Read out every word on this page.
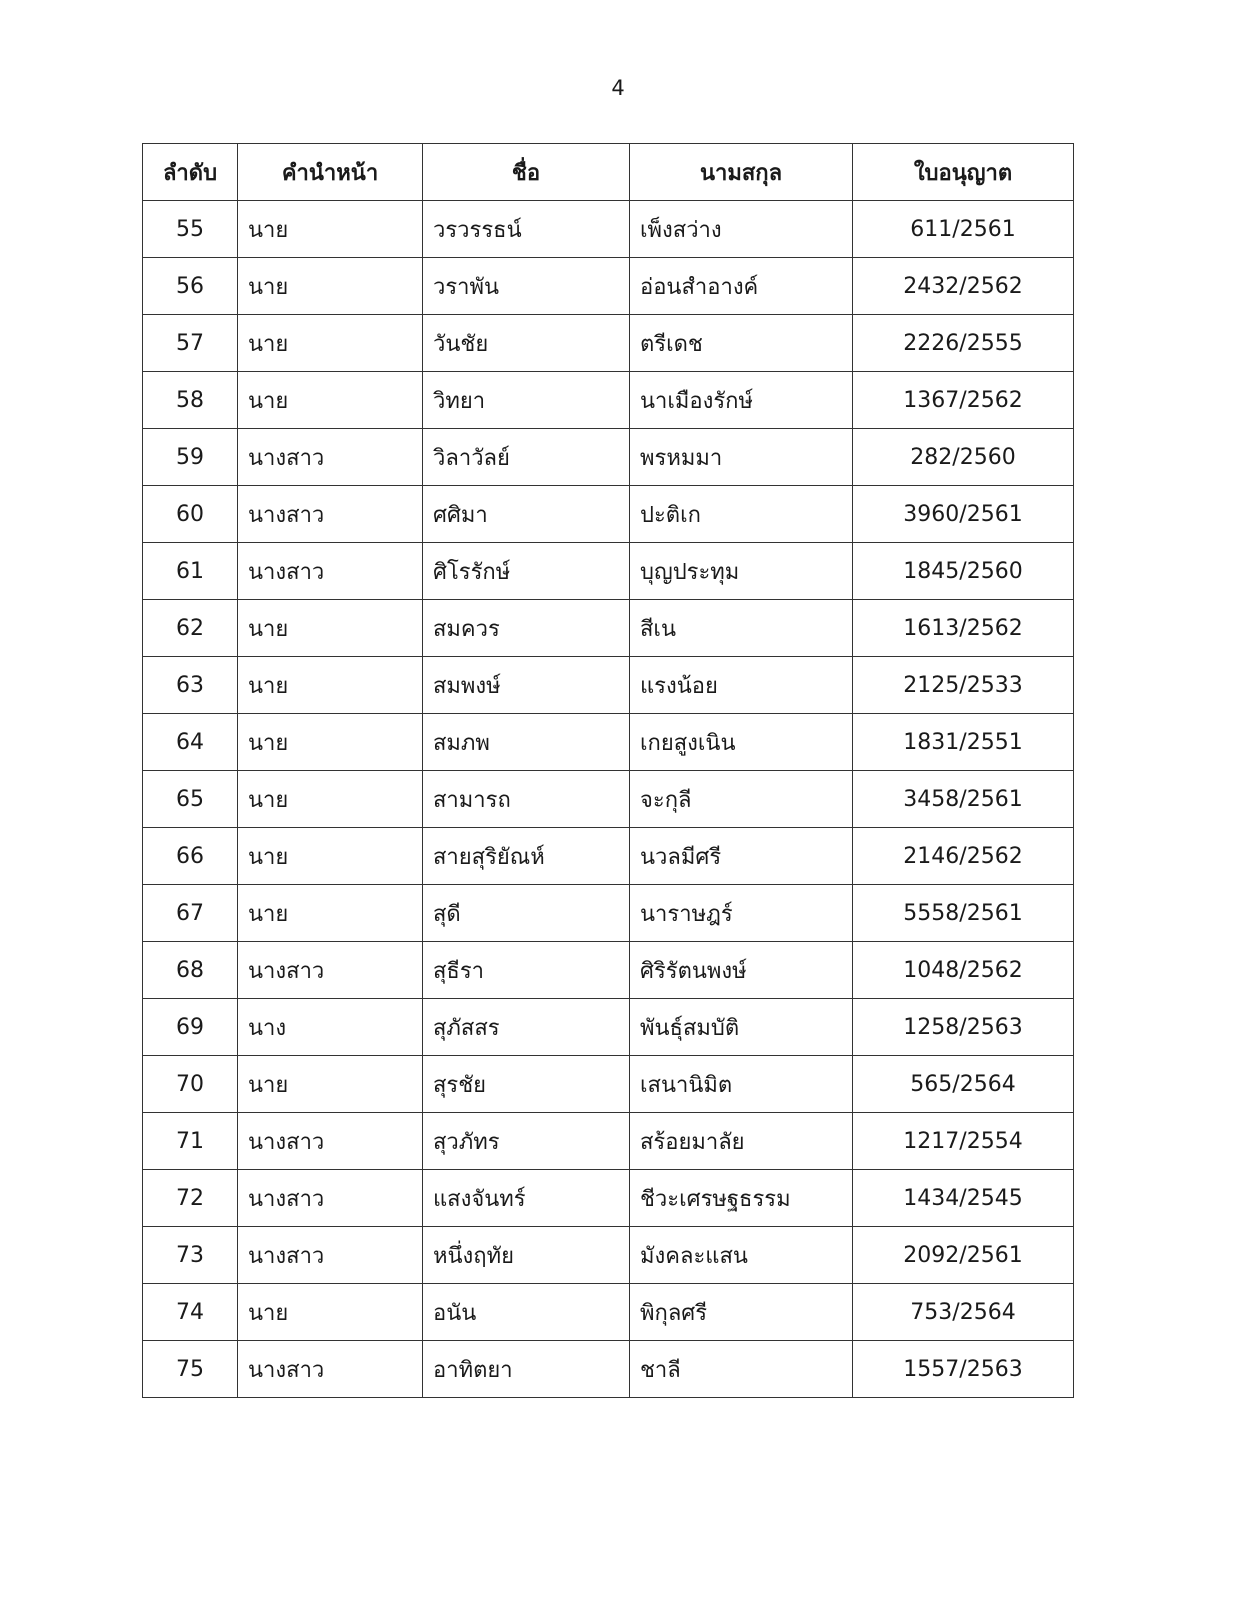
4
ลำดับ	คำนำหน้า	ชื่อ	นามสกุล	ใบอนุญาต
55	นาย	วรวรรธน์	เพ็งสว่าง	611/2561
56	นาย	วราพัน	อ่อนสำอางค์	2432/2562
57	นาย	วันชัย	ตรีเดช	2226/2555
58	นาย	วิทยา	นาเมืองรักษ์	1367/2562
59	นางสาว	วิลาวัลย์	พรหมมา	282/2560
60	นางสาว	ศศิมา	ปะติเก	3960/2561
61	นางสาว	ศิโรรักษ์	บุญประทุม	1845/2560
62	นาย	สมควร	สีเน	1613/2562
63	นาย	สมพงษ์	แรงน้อย	2125/2533
64	นาย	สมภพ	เกยสูงเนิน	1831/2551
65	นาย	สามารถ	จะกุลี	3458/2561
66	นาย	สายสุริยัณห์	นวลมีศรี	2146/2562
67	นาย	สุดี	นาราษฎร์	5558/2561
68	นางสาว	สุธีรา	ศิริรัตนพงษ์	1048/2562
69	นาง	สุภัสสร	พันธุ์สมบัติ	1258/2563
70	นาย	สุรชัย	เสนานิมิต	565/2564
71	นางสาว	สุวภัทร	สร้อยมาลัย	1217/2554
72	นางสาว	แสงจันทร์	ชีวะเศรษฐธรรม	1434/2545
73	นางสาว	หนึ่งฤทัย	มังคละแสน	2092/2561
74	นาย	อนัน	พิกุลศรี	753/2564
75	นางสาว	อาทิตยา	ชาลี	1557/2563
